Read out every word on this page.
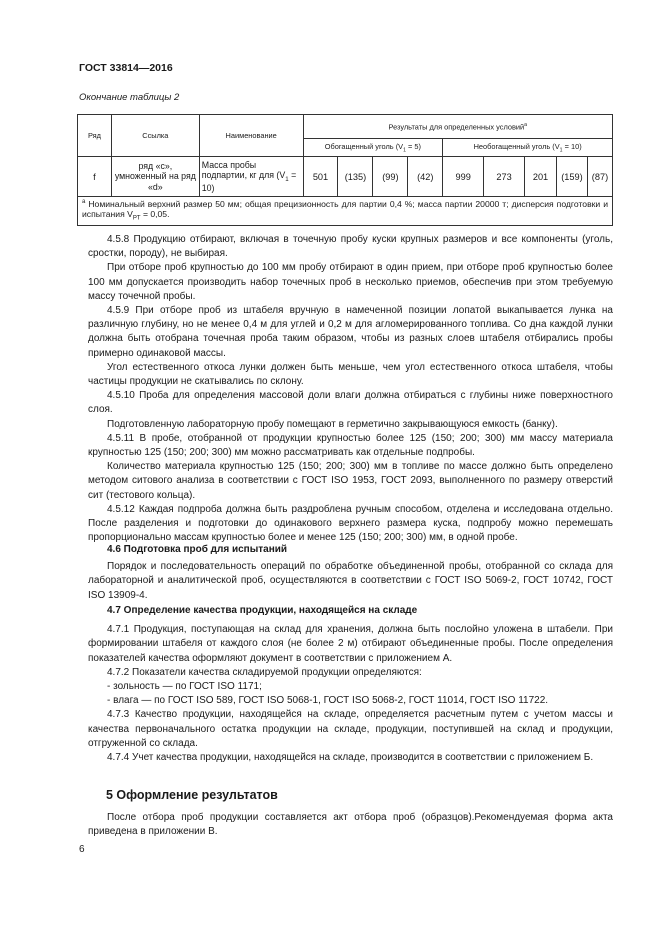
ГОСТ 33814—2016
Окончание таблицы 2
Ряд	Ссылка	Наименование	Результаты для определенных условий$^а$
			Обогащенный уголь $(V_1 = 5)$				Необогащенный уголь $(V_1 = 10)$				
f	ряд «с», умноженный на ряд «d»	Масса пробы подпартии, кг для $(V_1 = 10)$	501	(135)	(99)	(42)	999	273	201	(159)	(87)
$^а$ Номинальный верхний размер 50 мм; общая прецизионность для партии 0,4 %; масса партии 20000 т; дисперсия подготовки и испытания $V_{PT} = 0,05$.											

4.5.8 Продукцию отбирают, включая в точечную пробу куски крупных размеров и все компоненты (уголь, сростки, породу), не выбирая.

При отборе проб крупностью до 100 мм пробу отбирают в один прием, при отборе проб крупностью более 100 мм допускается производить набор точечных проб в несколько приемов, обеспечив при этом требуемую массу точечной пробы.

4.5.9 При отборе проб из штабеля вручную в намеченной позиции лопатой выкапывается лунка на различную глубину, но не менее 0,4 м для углей и 0,2 м для агломерированного топлива. Со дна каждой лунки должна быть отобрана точечная проба таким образом, чтобы из разных слоев штабеля отбирались пробы примерно одинаковой массы.

Угол естественного откоса лунки должен быть меньше, чем угол естественного откоса штабеля, чтобы частицы продукции не скатывались по склону.

4.5.10 Проба для определения массовой доли влаги должна отбираться с глубины ниже поверхностного слоя.

Подготовленную лабораторную пробу помещают в герметично закрывающуюся емкость (банку).

4.5.11 В пробе, отобранной от продукции крупностью более 125 (150; 200; 300) мм массу материала крупностью 125 (150; 200; 300) мм можно рассматривать как отдельные подпробы.

Количество материала крупностью 125 (150; 200; 300) мм в топливе по массе должно быть определено методом ситового анализа в соответствии с ГОСТ ISO 1953, ГОСТ 2093, выполненного по размеру отверстий сит (тестового кольца).

4.5.12 Каждая подпроба должна быть раздроблена ручным способом, отделена и исследована отдельно. После разделения и подготовки до одинакового верхнего размера куска, подпробу можно перемешать пропорционально массам крупностью более и менее 125 (150; 200; 300) мм, в одной пробе.

4.6 Подготовка проб для испытаний

Порядок и последовательность операций по обработке объединенной пробы, отобранной со склада для лабораторной и аналитической проб, осуществляются в соответствии с ГОСТ ISO 5069-2, ГОСТ 10742, ГОСТ ISO 13909-4.

4.7 Определение качества продукции, находящейся на складе

4.7.1 Продукция, поступающая на склад для хранения, должна быть послойно уложена в штабели. При формировании штабеля от каждого слоя (не более 2 м) отбирают объединенные пробы. После определения показателей качества оформляют документ в соответствии с приложением А.

4.7.2 Показатели качества складируемой продукции определяются:

- зольность — по ГОСТ ISO 1171;

- влага — по ГОСТ ISO 589, ГОСТ ISO 5068-1, ГОСТ ISO 5068-2, ГОСТ 11014, ГОСТ ISO 11722.

4.7.3 Качество продукции, находящейся на складе, определяется расчетным путем с учетом массы и качества первоначального остатка продукции на складе, продукции, поступившей на склад и продукции, отгруженной со склада.

4.7.4 Учет качества продукции, находящейся на складе, производится в соответствии с приложением Б.

5 Оформление результатов

После отбора проб продукции составляется акт отбора проб (образцов).Рекомендуемая форма акта приведена в приложении В.

6
